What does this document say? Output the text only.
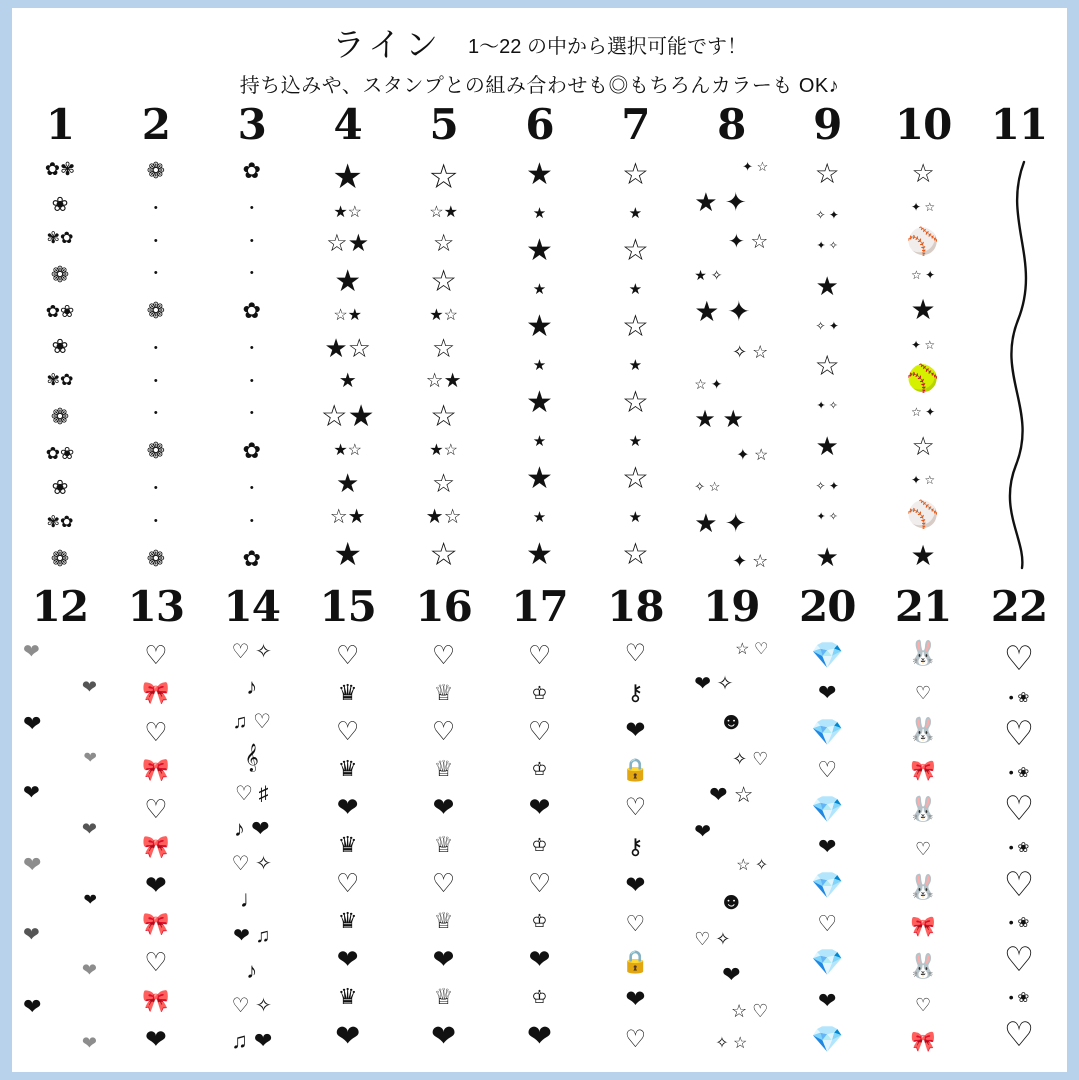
ライン 1〜22 の中から選択可能です！
持ち込みや、スタンプとの組み合わせも◎もちろんカラーも OK♪
1
✿✾
❀
✾✿
❁
✿❀
❀
✾✿
❁
✿❀
❀
✾✿
❁
2
❁
•
•
•
❁
•
•
•
❁
•
•
❁
3
✿
•
•
•
✿
•
•
•
✿
•
•
✿
4
★
★☆
☆★
★
☆★
★☆
★
☆★
★☆
★
☆★
★
5
☆
☆★
☆
☆
★☆
☆
☆★
☆
★☆
☆
★☆
☆
6
★
★
★
★
★
★
★
★
★
★
★
7
☆
★
☆
★
☆
★
☆
★
☆
★
☆
8
✦ ☆
★ ✦
✦ ☆
★ ✧
★ ✦
✧ ☆
☆ ✦
★ ★
✦ ☆
✧ ☆
★ ✦
✦ ☆
9
☆
✧ ✦
✦ ✧
★
✧ ✦
☆
✦ ✧
★
✧ ✦
✦ ✧
★
10
☆
✦ ☆
⚾
☆ ✦
★
✦ ☆
🥎
☆ ✦
☆
✦ ☆
⚾
★
11
12
❤
❤
❤
❤
❤
❤
❤
❤
❤
❤
❤
❤
13
♡
🎀
♡
🎀
♡
🎀
❤
🎀
♡
🎀
❤
14
♡ ✧
♪
♫ ♡
𝄞
♡ ♯
♪ ❤
♡ ✧
♩
❤ ♫
♪
♡ ✧
♫ ❤
15
♡
♛
♡
♛
❤
♛
♡
♛
❤
♛
❤
16
♡
♕
♡
♕
❤
♕
♡
♕
❤
♕
❤
17
♡
♔
♡
♔
❤
♔
♡
♔
❤
♔
❤
18
♡
⚷
❤
🔒
♡
⚷
❤
♡
🔒
❤
♡
19
☆ ♡
❤ ✧
☻
✧ ♡
❤ ☆
❤
☆ ✧
☻
♡ ✧
❤
☆ ♡
✧ ☆
20
💎
❤
💎
♡
💎
❤
💎
♡
💎
❤
💎
21
🐰
♡
🐰
🎀
🐰
♡
🐰
🎀
🐰
♡
🎀
22
♡
• ❀
♡
• ❀
♡
• ❀
♡
• ❀
♡
• ❀
♡
